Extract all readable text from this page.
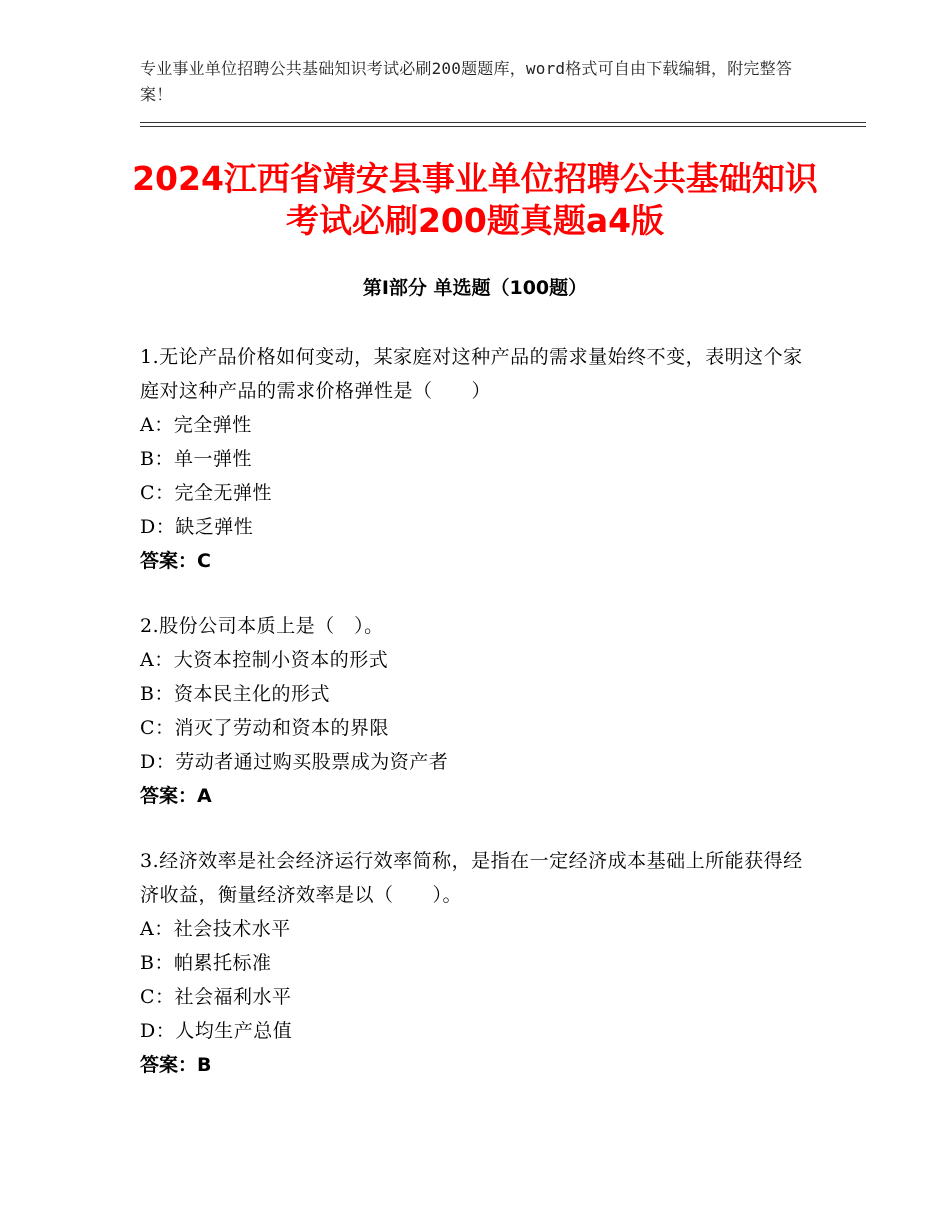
专业事业单位招聘公共基础知识考试必刷200题题库，word格式可自由下载编辑，附完整答案！
2024江西省靖安县事业单位招聘公共基础知识考试必刷200题真题a4版
第Ⅰ部分 单选题（100题）
1.无论产品价格如何变动，某家庭对这种产品的需求量始终不变，表明这个家庭对这种产品的需求价格弹性是（　　）
A：完全弹性
B：单一弹性
C：完全无弹性
D：缺乏弹性
答案：C
2.股份公司本质上是（　）。
A：大资本控制小资本的形式
B：资本民主化的形式
C：消灭了劳动和资本的界限
D：劳动者通过购买股票成为资产者
答案：A
3.经济效率是社会经济运行效率简称，是指在一定经济成本基础上所能获得经济收益，衡量经济效率是以（　　）。
A：社会技术水平
B：帕累托标准
C：社会福利水平
D：人均生产总值
答案：B
